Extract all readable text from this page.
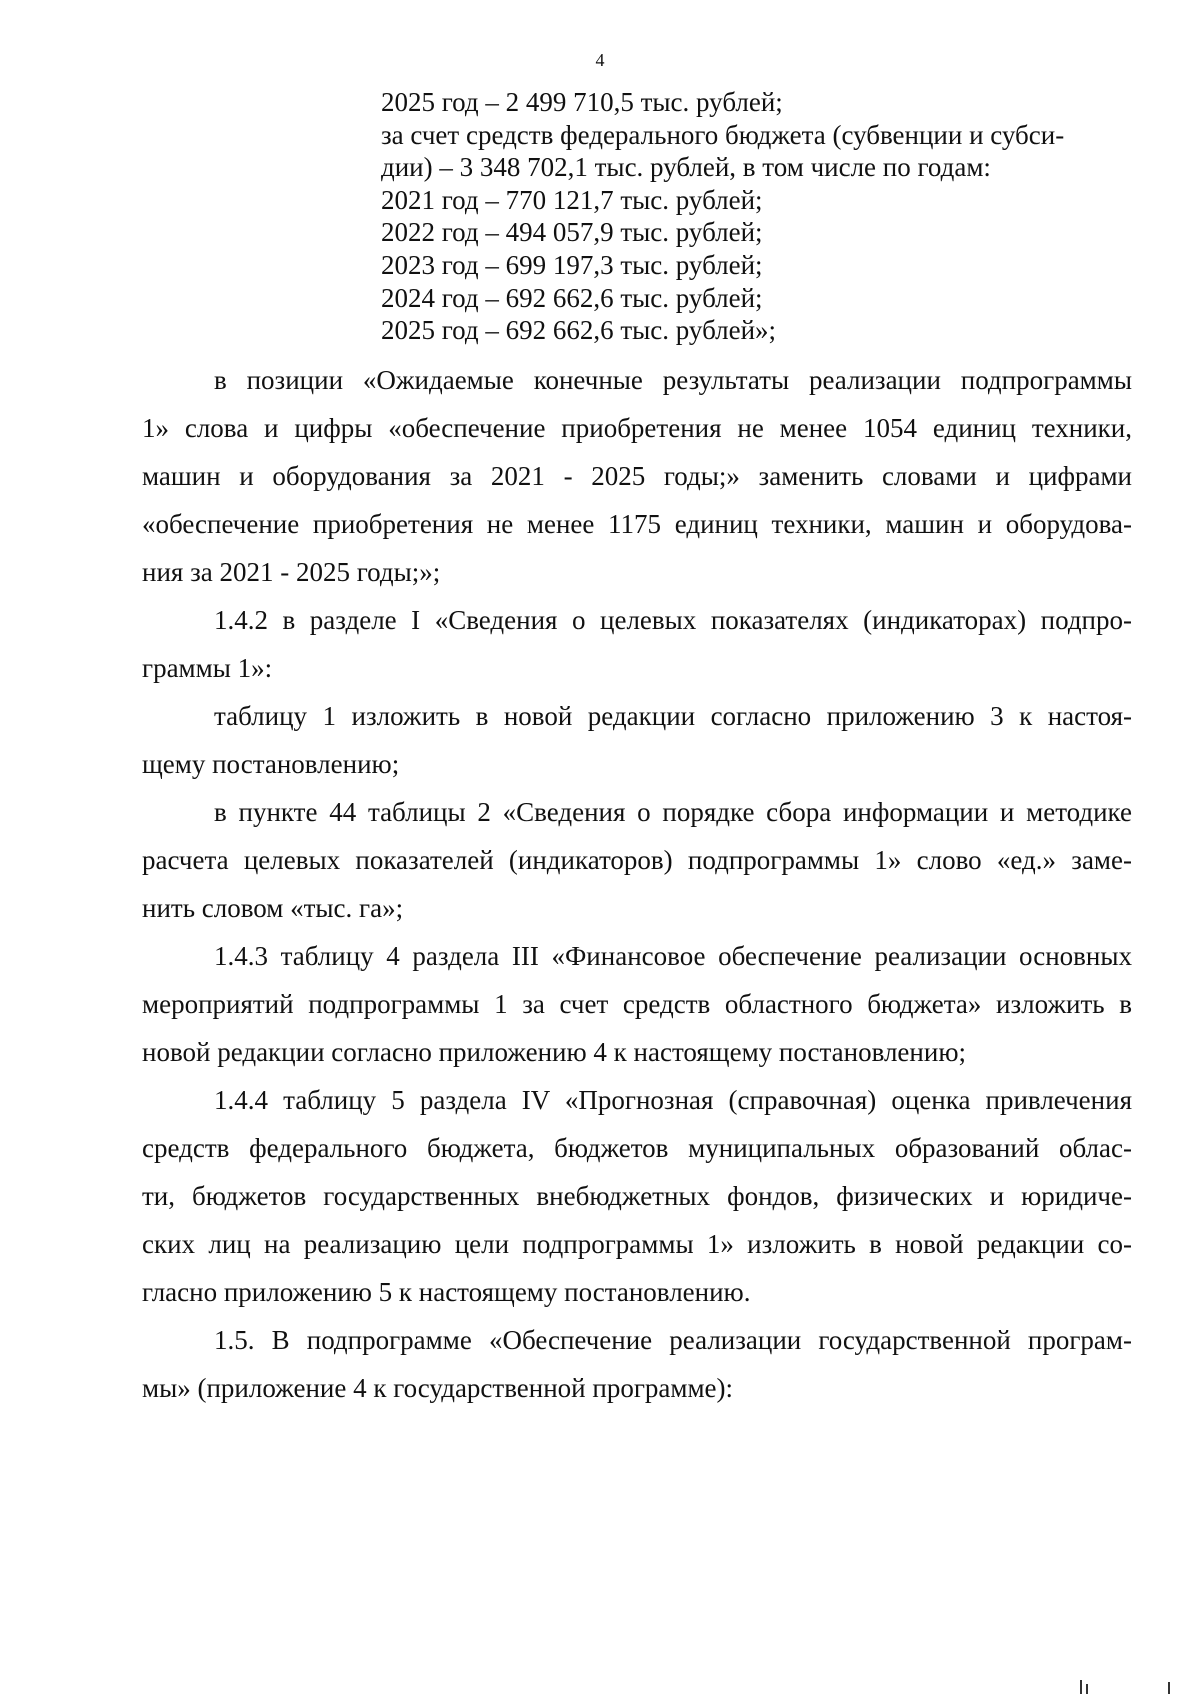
4
2025 год – 2 499 710,5 тыс. рублей;
за счет средств федерального бюджета (субвенции и субси-
дии) – 3 348 702,1 тыс. рублей, в том числе по годам:
2021 год – 770 121,7 тыс. рублей;
2022 год – 494 057,9 тыс. рублей;
2023 год – 699 197,3 тыс. рублей;
2024 год – 692 662,6 тыс. рублей;
2025 год – 692 662,6 тыс. рублей»;
в позиции «Ожидаемые конечные результаты реализации подпрограммы
1» слова и цифры «обеспечение приобретения не менее 1054 единиц техники,
машин и оборудования за 2021 - 2025 годы;» заменить словами и цифрами
«обеспечение приобретения не менее 1175 единиц техники, машин и оборудова-
ния за 2021 - 2025 годы;»;
1.4.2 в разделе I «Сведения о целевых показателях (индикаторах) подпро-
граммы 1»:
таблицу 1 изложить в новой редакции согласно приложению 3 к настоя-
щему постановлению;
в пункте 44 таблицы 2 «Сведения о порядке сбора информации и методике
расчета целевых показателей (индикаторов) подпрограммы 1» слово «ед.» заме-
нить словом «тыс. га»;
1.4.3 таблицу 4 раздела III «Финансовое обеспечение реализации основных
мероприятий подпрограммы 1 за счет средств областного бюджета» изложить в
новой редакции согласно приложению 4 к настоящему постановлению;
1.4.4 таблицу 5 раздела IV «Прогнозная (справочная) оценка привлечения
средств федерального бюджета, бюджетов муниципальных образований облас-
ти, бюджетов государственных внебюджетных фондов, физических и юридиче-
ских лиц на реализацию цели подпрограммы 1» изложить в новой редакции со-
гласно приложению 5 к настоящему постановлению.
1.5. В подпрограмме «Обеспечение реализации государственной програм-
мы» (приложение 4 к государственной программе):
